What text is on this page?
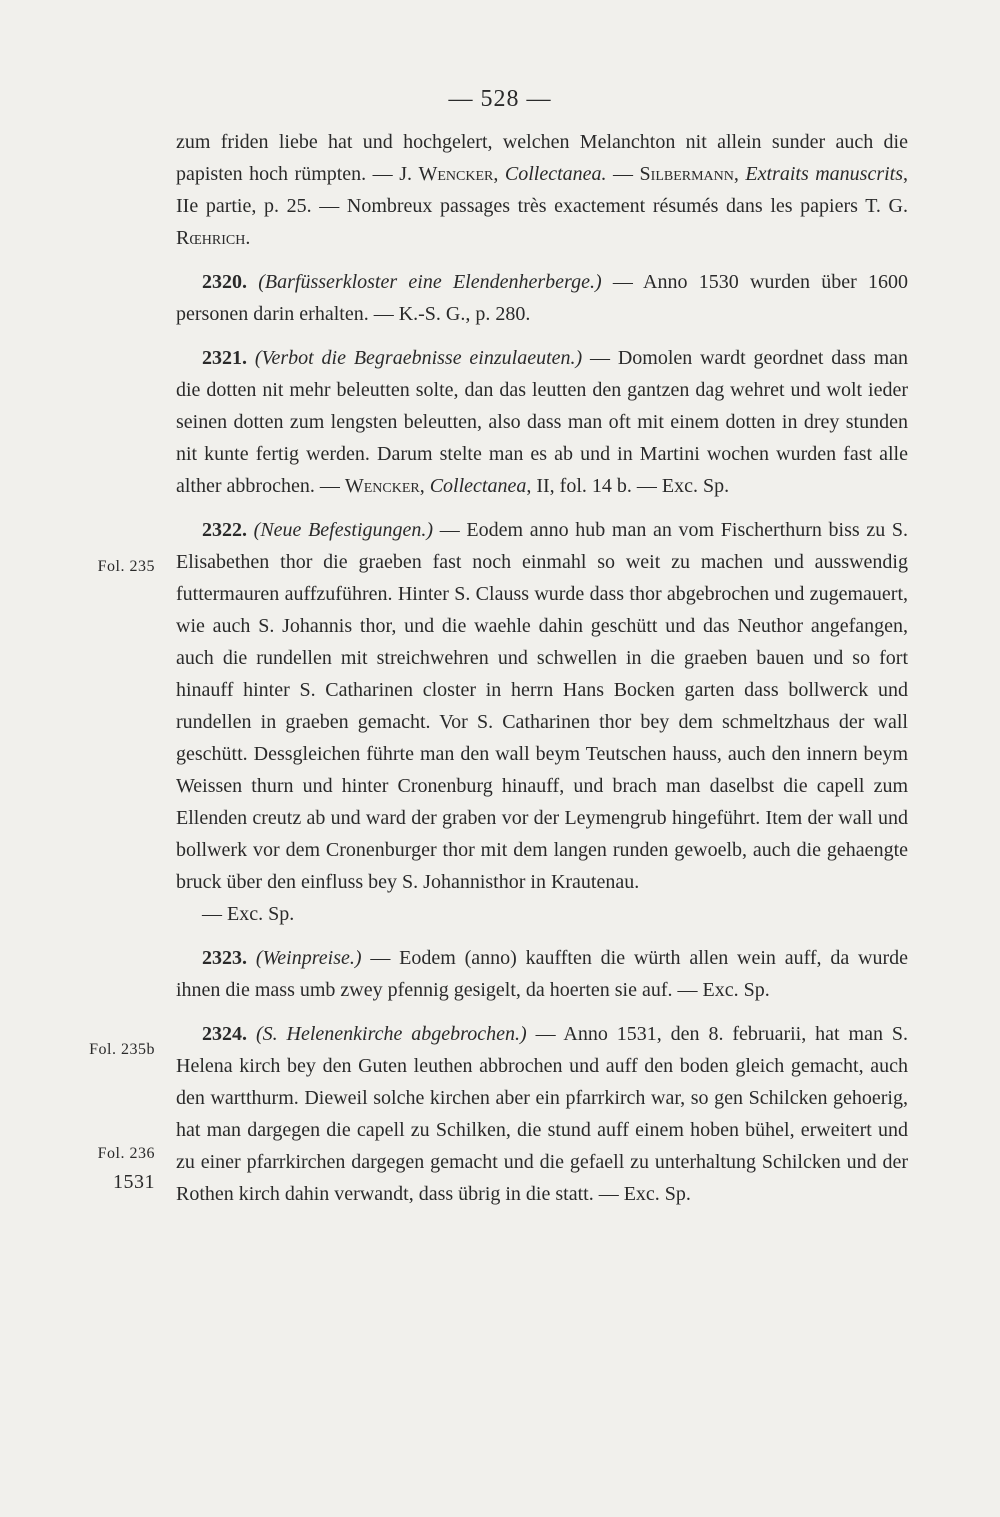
— 528 —
Fol. 235
Fol. 235b
Fol. 236
1531

zum friden liebe hat und hochgelert, welchen Melanchton nit allein sunder auch die papisten hoch rümpten. — J. Wencker, Collectanea. — Silbermann, Extraits manuscrits, IIe partie, p. 25. — Nombreux passages très exactement résumés dans les papiers T. G. Rœhrich.

2320. (Barfüsserkloster eine Elendenherberge.) — Anno 1530 wurden über 1600 personen darin erhalten. — K.-S. G., p. 280.

2321. (Verbot die Begraebnisse einzulaeuten.) — Domolen wardt geordnet dass man die dotten nit mehr beleutten solte, dan das leutten den gantzen dag wehret und wolt ieder seinen dotten zum lengsten beleutten, also dass man oft mit einem dotten in drey stunden nit kunte fertig werden. Darum stelte man es ab und in Martini wochen wurden fast alle alther abbrochen. — Wencker, Collectanea, II, fol. 14 b. — Exc. Sp.

2322. (Neue Befestigungen.) — Eodem anno hub man an vom Fischerthurn biss zu S. Elisabethen thor die graeben fast noch einmahl so weit zu machen und ausswendig futtermauren auffzuführen. Hinter S. Clauss wurde dass thor abgebrochen und zugemauert, wie auch S. Johannis thor, und die waehle dahin geschütt und das Neuthor angefangen, auch die rundellen mit streichwehren und schwellen in die graeben bauen und so fort hinauff hinter S. Catharinen closter in herrn Hans Bocken garten dass bollwerck und rundellen in graeben gemacht. Vor S. Catharinen thor bey dem schmeltzhaus der wall geschütt. Dessgleichen führte man den wall beym Teutschen hauss, auch den innern beym Weissen thurn und hinter Cronenburg hinauff, und brach man daselbst die capell zum Ellenden creutz ab und ward der graben vor der Leymengrub hingeführt. Item der wall und bollwerk vor dem Cronenburger thor mit dem langen runden gewoelb, auch die gehaengte bruck über den einfluss bey S. Johannisthor in Krautenau.

— Exc. Sp.

2323. (Weinpreise.) — Eodem (anno) kaufften die würth allen wein auff, da wurde ihnen die mass umb zwey pfennig gesigelt, da hoerten sie auf. — Exc. Sp.

2324. (S. Helenenkirche abgebrochen.) — Anno 1531, den 8. februarii, hat man S. Helena kirch bey den Guten leuthen abbrochen und auff den boden gleich gemacht, auch den wartthurm. Dieweil solche kirchen aber ein pfarrkirch war, so gen Schilcken gehoerig, hat man dargegen die capell zu Schilken, die stund auff einem hoben bühel, erweitert und zu einer pfarrkirchen dargegen gemacht und die gefaell zu unterhaltung Schilcken und der Rothen kirch dahin verwandt, dass übrig in die statt. — Exc. Sp.
